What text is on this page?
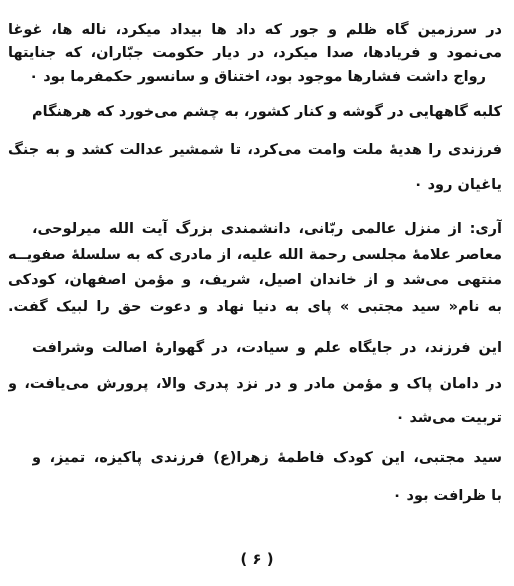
در سرزمین گاه ظلم و جور که داد ها بیداد میکرد، ناله ها، غوغا
می‌نمود و فریادها، صدا میکرد، در دیار حکومت جبّاران، که جنایتها
رواج داشت فشارها موجود بود، اختناق و سانسور حکمفرما بود ۰
کلبه گاههایی در گوشه و کنار کشور، به چشم می‌خورد که هرهنگام
فرزندی را هدیهٔ ملت وامت می‌کرد، تا شمشیر عدالت کشد و به جنگ
یاغیان رود ۰
آری: از منزل عالمی ربّانی، دانشمندی بزرگ آیت الله میرلوحی،
معاصر علامهٔ مجلسی رحمة الله علیه، از مادری که به سلسلهٔ صفویــه
منتهی می‌شد و از خاندان اصیل، شریف، و مؤمن اصفهان، کودکی
به نام« سید مجتبی » پای به دنیا نهاد و دعوت حق را لبیک گفت.
این فرزند، در جایگاه علم و سیادت، در گهوارهٔ اصالت وشرافت
در دامان پاک و مؤمن مادر و در نزد پدری والا، پرورش می‌یافت، و
تربیت می‌شد ۰
سید مجتبی، این کودک فاطمهٔ زهرا(ع) فرزندی پاکیزه، تمیز، و
با ظرافت بود ۰
( ۶ )
